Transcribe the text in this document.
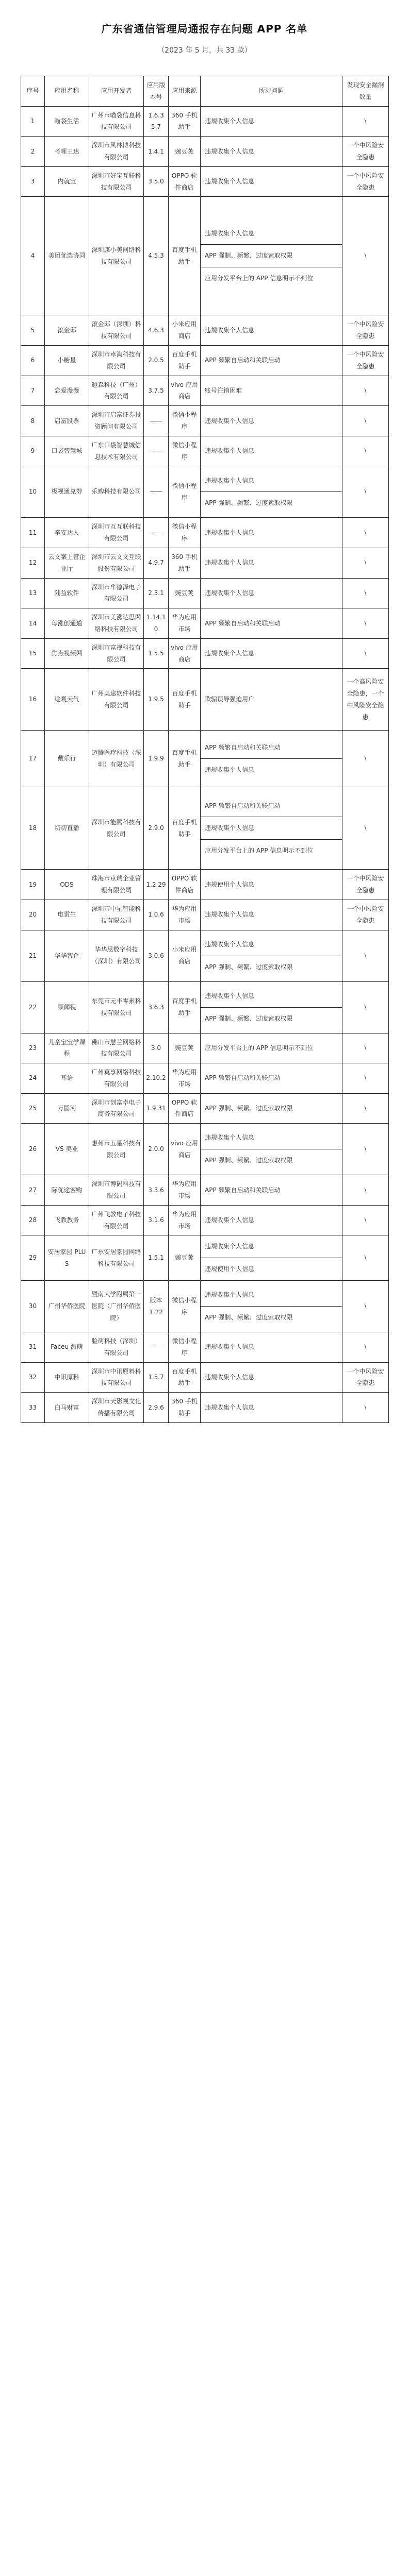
广东省通信管理局通报存在问题 APP 名单

（2023 年 5 月，共 33 款）

序号	应用名称	应用开发者	应用版本号	应用来源	所涉问题	发现安全漏洞数量
1	喵袋生活	广州市喵袋信息科技有限公司	1.6.35.7	360 手机助手	违规收集个人信息	\
2	考哩王达	深圳市风林博科技有限公司	1.4.1	豌豆荚	违规收集个人信息	一个中风险安全隐患
3	内就宝	深圳市好宝互联科技有限公司	3.5.0	OPPO 软件商店	违规收集个人信息	一个中风险安全隐患
4	美团优选协同	深圳康小美网络科技有限公司	4.5.3	百度手机助手	违规收集个人信息
APP 强制、频繁、过度索取权限
应用分发平台上的 APP 信息明示不到位	\
5	滚金邸	滚金邸（深圳）科技有限公司	4.6.3	小米应用商店	违规收集个人信息	一个中风险安全隐患
6	小糖星	深圳市卓淘科技有限公司	2.0.5	百度手机助手	APP 频繁自启动和关联启动	一个中风险安全隐患
7	恋爱漫漫	遐森科技（广州）有限公司	3.7.5	vivo 应用商店	账号注销困难	\
8	启富股票	深圳市启富证券投资顾问有限公司	——	微信小程序	违规收集个人信息	\
9	口袋智慧城	广东口袋智慧城信息技术有限公司	——	微信小程序	违规收集个人信息	\
10	极视通兑券	乐购科技有限公司	——	微信小程序	违规收集个人信息
APP 强制、频繁、过度索取权限	\
11	辛安达人	深圳市互互联科技有限公司	——	微信小程序	违规收集个人信息	\
12	云文案上管企业厅	深圳市云文文互联股份有限公司	4.9.7	360 手机助手	违规收集个人信息	\
13	陆益软件	深圳市华德泽电子有限公司	2.3.1	豌豆荚	违规收集个人信息	\
14	每涨创通道	深圳市美涨达思网络科技有限公司	1.14.10	华为应用市场	APP 频繁自启动和关联启动	\
15	焦点视频网	深圳市富视科技有限公司	1.5.5	vivo 应用商店	违规收集个人信息	\
16	途观天气	广州美途软件科技有限公司	1.9.5	百度手机助手	欺骗误导强迫用户	一个高风险安全隐患，一个中风险安全隐患
17	戴乐行	迈腾医疗科技（深圳）有限公司	1.9.9	百度手机助手	APP 频繁自启动和关联启动
违规收集个人信息	\
18	切切直播	深圳市能腾科技有限公司	2.9.0	百度手机助手	APP 频繁自启动和关联启动
违规收集个人信息
应用分发平台上的 APP 信息明示不到位	\
19	ODS	珠海市京瑞企业管理有限公司	1.2.29	OPPO 软件商店	违规使用个人信息	一个中风险安全隐患
20	电雷生	深圳市中星智能科技有限公司	1.0.6	华为应用市场	违规收集个人信息	一个中风险安全隐患
21	华华智企	华华思数字科技（深圳）有限公司	3.0.6	小米应用商店	违规收集个人信息
APP 强制、频繁、过度索取权限	\
22	顾闻视	东莞市元丰零素科技有限公司	3.6.3	百度手机助手	违规收集个人信息
APP 强制、频繁、过度索取权限	\
23	儿童宝宝学课程	佛山市慧兰网络科技有限公司	3.0	豌豆荚	应用分发平台上的 APP 信息明示不到位	\
24	耳语	广州莫享网络科技有限公司	2.10.2	华为应用市场	APP 频繁自启动和关联启动	\
25	万圆河	深圳市创富卓电子商务有限公司	1.9.31	OPPO 软件商店	APP 强制、频繁、过度索取权限	\
26	VS 美业	惠州市五星科技有限公司	2.0.0	vivo 应用商店	违规收集个人信息
APP 强制、频繁、过度索取权限	\
27	际优途客购	深圳市博码科技有限公司	3.3.6	华为应用市场	APP 频繁自启动和关联启动	\
28	飞教教务	广州飞教电子科技有限公司	3.1.6	华为应用市场	违规收集个人信息	\
29	安居家园 PLUS	广东安居家园网络科技有限公司	1.5.1	豌豆荚	违规收集个人信息
违规使用个人信息	\
30	广州华侨医院	暨南大学附属第一医院（广州华侨医院）	版本 1.22	微信小程序	违规收集个人信息
APP 强制、频繁、过度索取权限	\
31	Faceu 激萌	脸萌科技（深圳）有限公司	——	微信小程序	违规收集个人信息	\
32	中讯原料	深圳市中讯原料科技有限公司	1.5.7	百度手机助手	违规收集个人信息	一个中风险安全隐患
33	白马财富	深圳市天影视文化传播有限公司	2.9.6	360 手机助手	违规收集个人信息	\
